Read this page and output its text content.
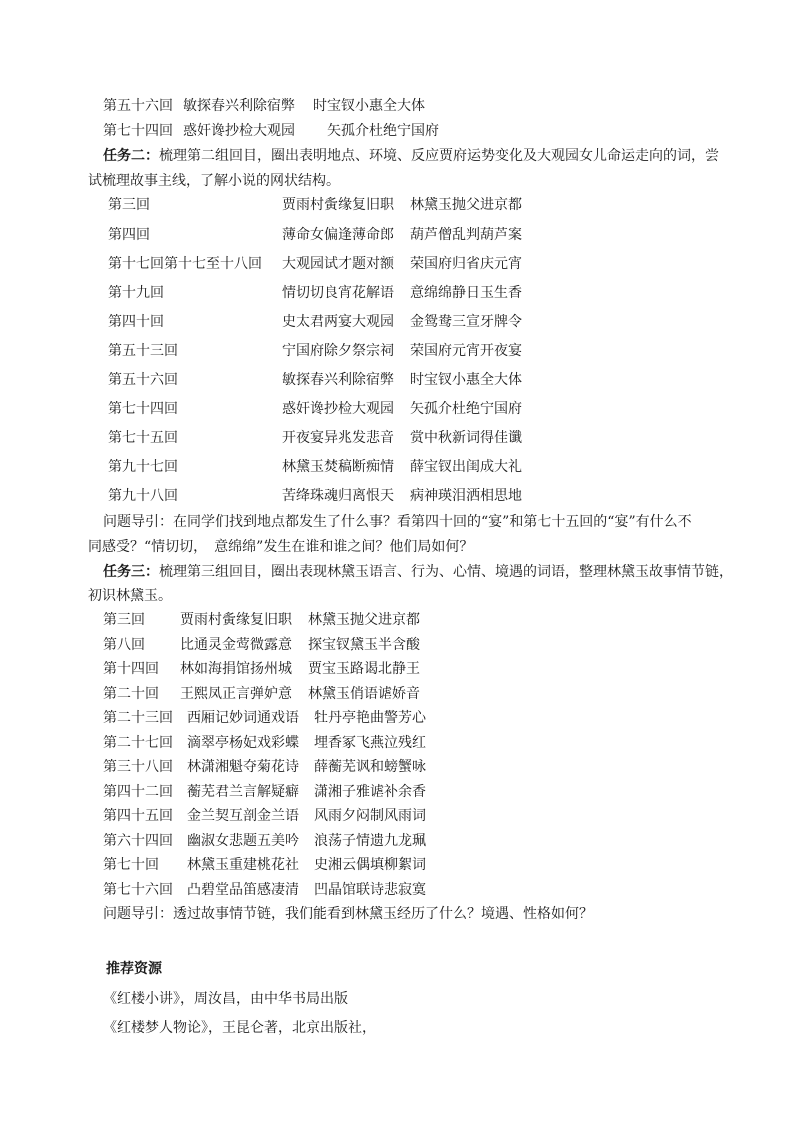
第五十六回 敏探春兴利除宿弊 时宝钗小惠全大体
第七十四回 惑奸谗抄检大观园 矢孤介杜绝宁国府
任务二：梳理第二组回目，圈出表明地点、环境、反应贾府运势变化及大观园女儿命运走向的词，尝
试梳理故事主线，了解小说的网状结构。
第三回	贾雨村夤缘复旧职 林黛玉抛父进京都
第四回	薄命女偏逢薄命郎 葫芦僧乱判葫芦案
第十七回第十七至十八回 大观园试才题对额 荣国府归省庆元宵
第十九回	情切切良宵花解语 意绵绵静日玉生香
第四十回	史太君两宴大观园 金鸳鸯三宣牙牌令
第五十三回	宁国府除夕祭宗祠 荣国府元宵开夜宴
第五十六回	敏探春兴利除宿弊 时宝钗小惠全大体
第七十四回	惑奸谗抄检大观园 矢孤介杜绝宁国府
第七十五回	开夜宴异兆发悲音 赏中秋新词得佳谶
第九十七回	林黛玉焚稿断痴情 薛宝钗出闺成大礼
第九十八回	苦绛珠魂归离恨天 病神瑛泪洒相思地
问题导引：在同学们找到地点都发生了什么事？看第四十回的“宴”和第七十五回的“宴”有什么不
同感受？“情切切，　意绵绵”发生在谁和谁之间？他们局如何？
任务三：梳理第三组回目，圈出表现林黛玉语言、行为、心情、境遇的词语，整理林黛玉故事情节链，
初识林黛玉。
第三回	贾雨村夤缘复旧职 林黛玉抛父进京都
第八回	比通灵金莺微露意 探宝钗黛玉半含酸
第十四回 林如海捐馆扬州城 贾宝玉路谒北静王
第二十回 王熙凤正言弹妒意 林黛玉俏语谑娇音
第二十三回 西厢记妙词通戏语 牡丹亭艳曲警芳心
第二十七回 滴翠亭杨妃戏彩蝶 埋香冢飞燕泣残红
第三十八回 林潇湘魁夺菊花诗 薛蘅芜讽和螃蟹咏
第四十二回 蘅芜君兰言解疑癖 潇湘子雅谑补余香
第四十五回 金兰契互剖金兰语 风雨夕闷制风雨词
第六十四回 幽淑女悲题五美吟 浪荡子情遗九龙珮
第七十回 林黛玉重建桃花社 史湘云偶填柳絮词
第七十六回 凸碧堂品笛感凄清 凹晶馆联诗悲寂寞
问题导引：透过故事情节链，我们能看到林黛玉经历了什么？境遇、性格如何？
推荐资源
《红楼小讲》，周汝昌，由中华书局出版
《红楼梦人物论》，王昆仑著，北京出版社，
